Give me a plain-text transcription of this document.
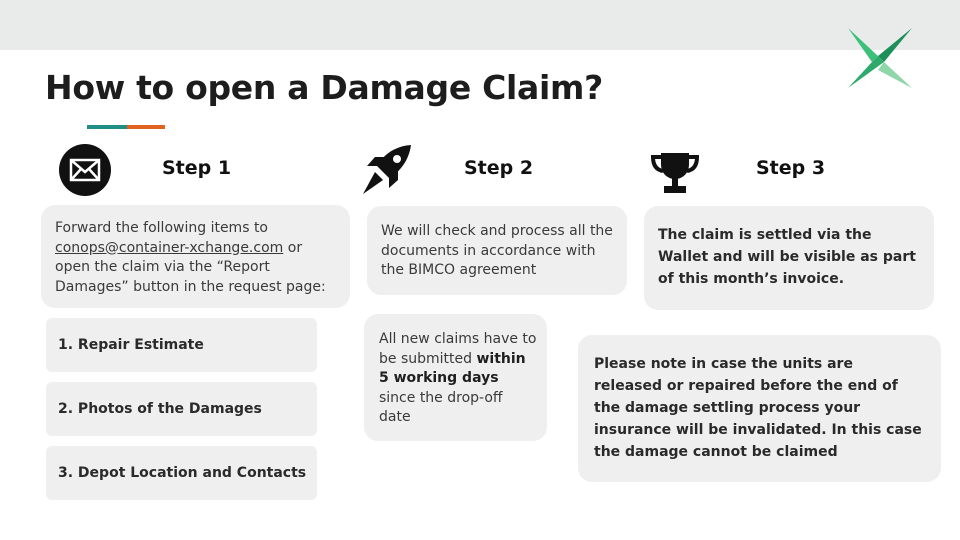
How to open a Damage Claim?
Step 1
Forward the following items to conops@container-xchange.com or open the claim via the “Report Damages” button in the request page:
1. Repair Estimate
2. Photos of the Damages
3. Depot Location and Contacts
Step 2
We will check and process all the documents in accordance with the BIMCO agreement
All new claims have to be submitted within 5 working days since the drop-off date
Step 3
The claim is settled via the Wallet and will be visible as part of this month’s invoice.
Please note in case the units are released or repaired before the end of the damage settling process your insurance will be invalidated. In this case the damage cannot be claimed
